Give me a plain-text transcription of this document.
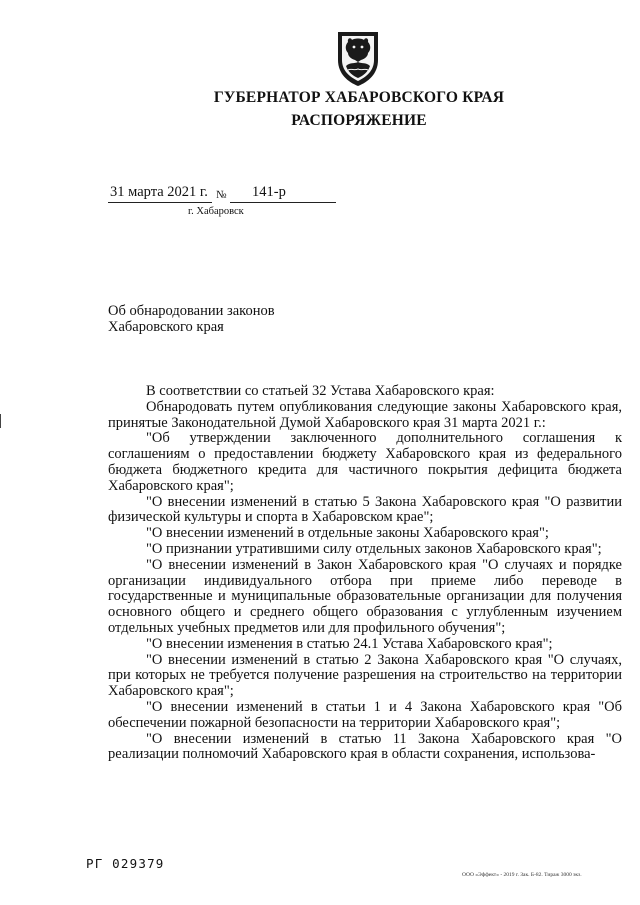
ГУБЕРНАТОР ХАБАРОВСКОГО КРАЯ
РАСПОРЯЖЕНИЕ
31 марта 2021 г. № 141-р
г. Хабаровск
Об обнародовании законов
Хабаровского края

В соответствии со статьей 32 Устава Хабаровского края:

Обнародовать путем опубликования следующие законы Хабаровского края, принятые Законодательной Думой Хабаровского края 31 марта 2021 г.:

"Об утверждении заключенного дополнительного соглашения к соглашениям о предоставлении бюджету Хабаровского края из федерального бюджета бюджетного кредита для частичного покрытия дефицита бюджета Хабаровского края";

"О внесении изменений в статью 5 Закона Хабаровского края "О развитии физической культуры и спорта в Хабаровском крае";

"О внесении изменений в отдельные законы Хабаровского края";

"О признании утратившими силу отдельных законов Хабаровского края";

"О внесении изменений в Закон Хабаровского края "О случаях и порядке организации индивидуального отбора при приеме либо переводе в государственные и муниципальные образовательные организации для получения основного общего и среднего общего образования с углубленным изучением отдельных учебных предметов или для профильного обучения";

"О внесении изменения в статью 24.1 Устава Хабаровского края";

"О внесении изменений в статью 2 Закона Хабаровского края "О случаях, при которых не требуется получение разрешения на строительство на территории Хабаровского края";

"О внесении изменений в статьи 1 и 4 Закона Хабаровского края "Об обеспечении пожарной безопасности на территории Хабаровского края";

"О внесении изменений в статью 11 Закона Хабаровского края "О реализации полномочий Хабаровского края в области сохранения, использова-

РГ 029379
ООО «Эффект» - 2019 г. Зак. Б-82. Тираж 3000 экз.
